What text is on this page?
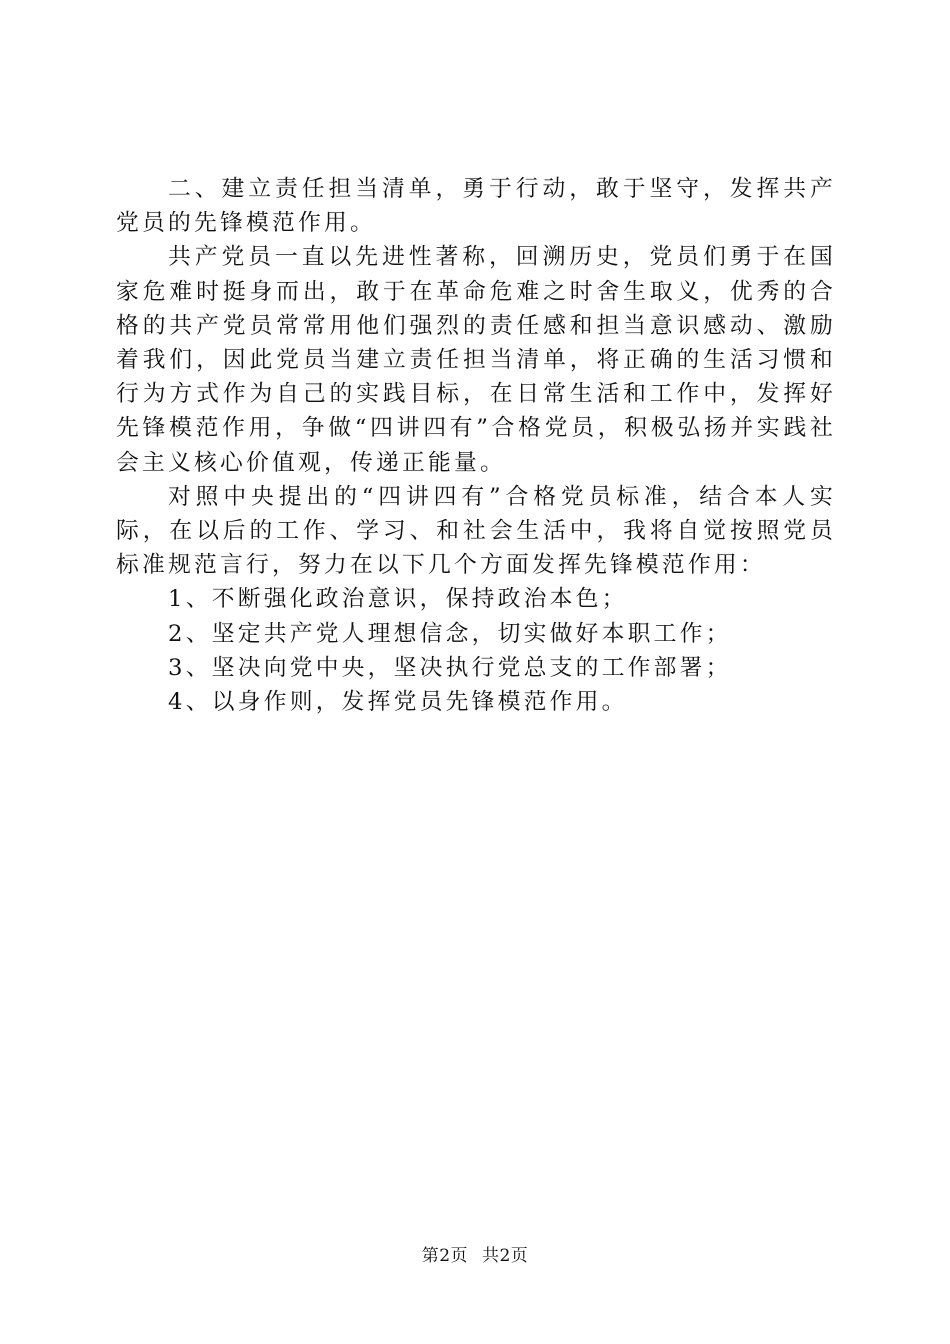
二、建立责任担当清单，勇于行动，敢于坚守，发挥共产党员的先锋模范作用。

共产党员一直以先进性著称，回溯历史，党员们勇于在国家危难时挺身而出，敢于在革命危难之时舍生取义，优秀的合格的共产党员常常用他们强烈的责任感和担当意识感动、激励着我们，因此党员当建立责任担当清单，将正确的生活习惯和行为方式作为自己的实践目标，在日常生活和工作中，发挥好先锋模范作用，争做“四讲四有”合格党员，积极弘扬并实践社会主义核心价值观，传递正能量。

对照中央提出的“四讲四有”合格党员标准，结合本人实际，在以后的工作、学习、和社会生活中，我将自觉按照党员标准规范言行，努力在以下几个方面发挥先锋模范作用：

1、不断强化政治意识，保持政治本色；

2、坚定共产党人理想信念，切实做好本职工作；

3、坚决向党中央，坚决执行党总支的工作部署；

4、以身作则，发挥党员先锋模范作用。

第2页 共2页
